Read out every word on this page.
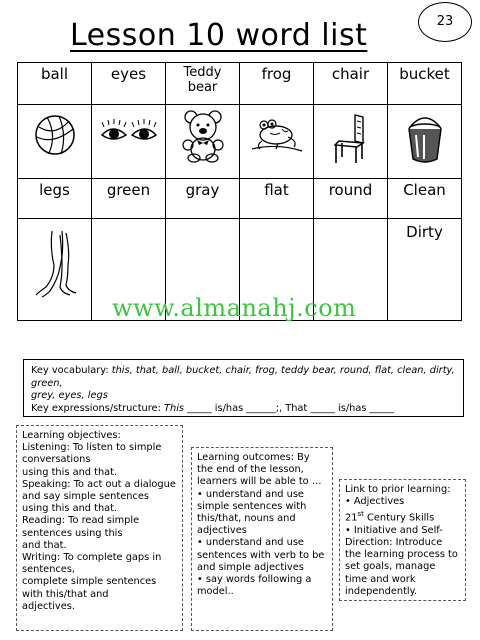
Lesson 10 word list	23
ball	eyes	Teddy bear	frog	chair	bucket

legs	green	gray	flat	round	Clean

					Dirty
www.almanahj.com
Key vocabulary: this, that, ball, bucket, chair, frog, teddy bear, round, flat, clean, dirty, green,
grey, eyes, legs
Key expressions/structure: This _____ is/has ______;, That _____ is/has _____
Learning objectives:
Listening: To listen to simple conversations
using this and that.
Speaking: To act out a dialogue and say simple sentences using this and that.
Reading: To read simple sentences using this
and that.
Writing: To complete gaps in sentences,
complete simple sentences with this/that and
adjectives.
Learning outcomes: By the end of the lesson, learners will be able to …
• understand and use simple sentences with this/that, nouns and adjectives
• understand and use sentences with verb to be and simple adjectives
• say words following a model..
Link to prior learning:
• Adjectives
21st Century Skills
• Initiative and Self-Direction: Introduce the learning process to set goals, manage time and work independently.
